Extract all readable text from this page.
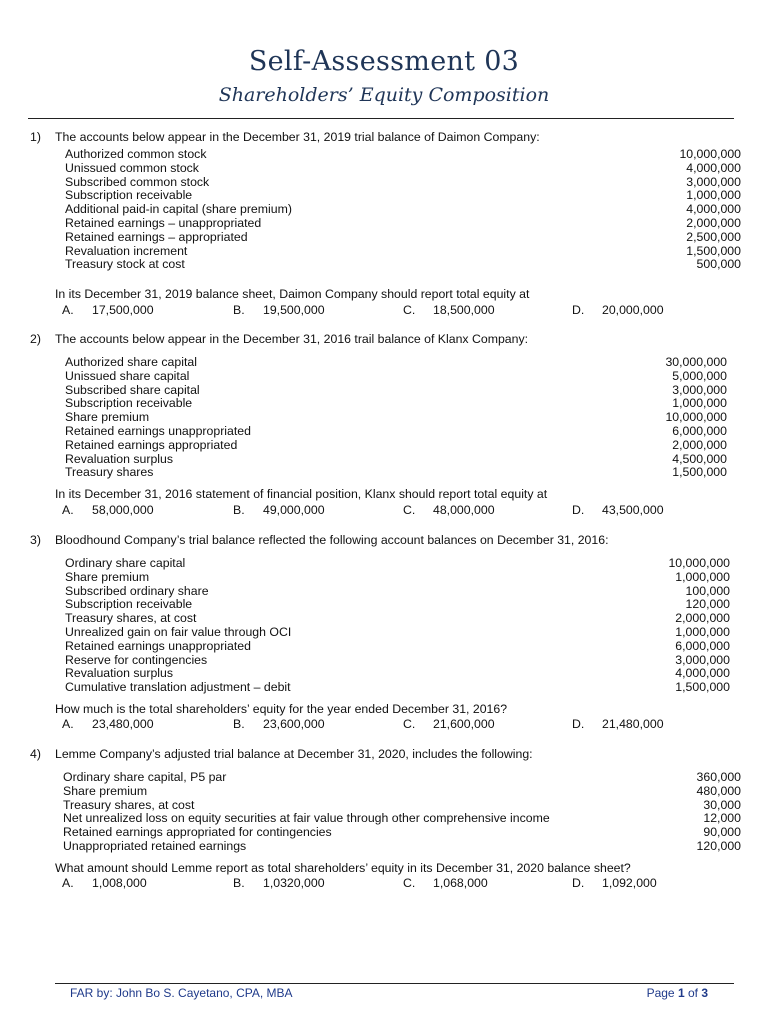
Self-Assessment 03
Shareholders’ Equity Composition
1) The accounts below appear in the December 31, 2019 trial balance of Daimon Company:
Authorized common stock	10,000,000
Unissued common stock	4,000,000
Subscribed common stock	3,000,000
Subscription receivable	1,000,000
Additional paid-in capital (share premium)	4,000,000
Retained earnings – unappropriated	2,000,000
Retained earnings – appropriated	2,500,000
Revaluation increment	1,500,000
Treasury stock at cost	500,000
In its December 31, 2019 balance sheet, Daimon Company should report total equity at
A. 17,500,000	B. 19,500,000	C. 18,500,000	D. 20,000,000
2) The accounts below appear in the December 31, 2016 trail balance of Klanx Company:
Authorized share capital	30,000,000
Unissued share capital	5,000,000
Subscribed share capital	3,000,000
Subscription receivable	1,000,000
Share premium	10,000,000
Retained earnings unappropriated	6,000,000
Retained earnings appropriated	2,000,000
Revaluation surplus	4,500,000
Treasury shares	1,500,000
In its December 31, 2016 statement of financial position, Klanx should report total equity at
A. 58,000,000	B. 49,000,000	C. 48,000,000	D. 43,500,000
3) Bloodhound Company’s trial balance reflected the following account balances on December 31, 2016:
Ordinary share capital	10,000,000
Share premium	1,000,000
Subscribed ordinary share	100,000
Subscription receivable	120,000
Treasury shares, at cost	2,000,000
Unrealized gain on fair value through OCI	1,000,000
Retained earnings unappropriated	6,000,000
Reserve for contingencies	3,000,000
Revaluation surplus	4,000,000
Cumulative translation adjustment – debit	1,500,000
How much is the total shareholders’ equity for the year ended December 31, 2016?
A. 23,480,000	B. 23,600,000	C. 21,600,000	D. 21,480,000
4) Lemme Company’s adjusted trial balance at December 31, 2020, includes the following:
Ordinary share capital, P5 par	360,000
Share premium	480,000
Treasury shares, at cost	30,000
Net unrealized loss on equity securities at fair value through other comprehensive income	12,000
Retained earnings appropriated for contingencies	90,000
Unappropriated retained earnings	120,000
What amount should Lemme report as total shareholders’ equity in its December 31, 2020 balance sheet?
A. 1,008,000	B. 1,0320,000	C. 1,068,000	D. 1,092,000
FAR by: John Bo S. Cayetano, CPA, MBA	Page 1 of 3
